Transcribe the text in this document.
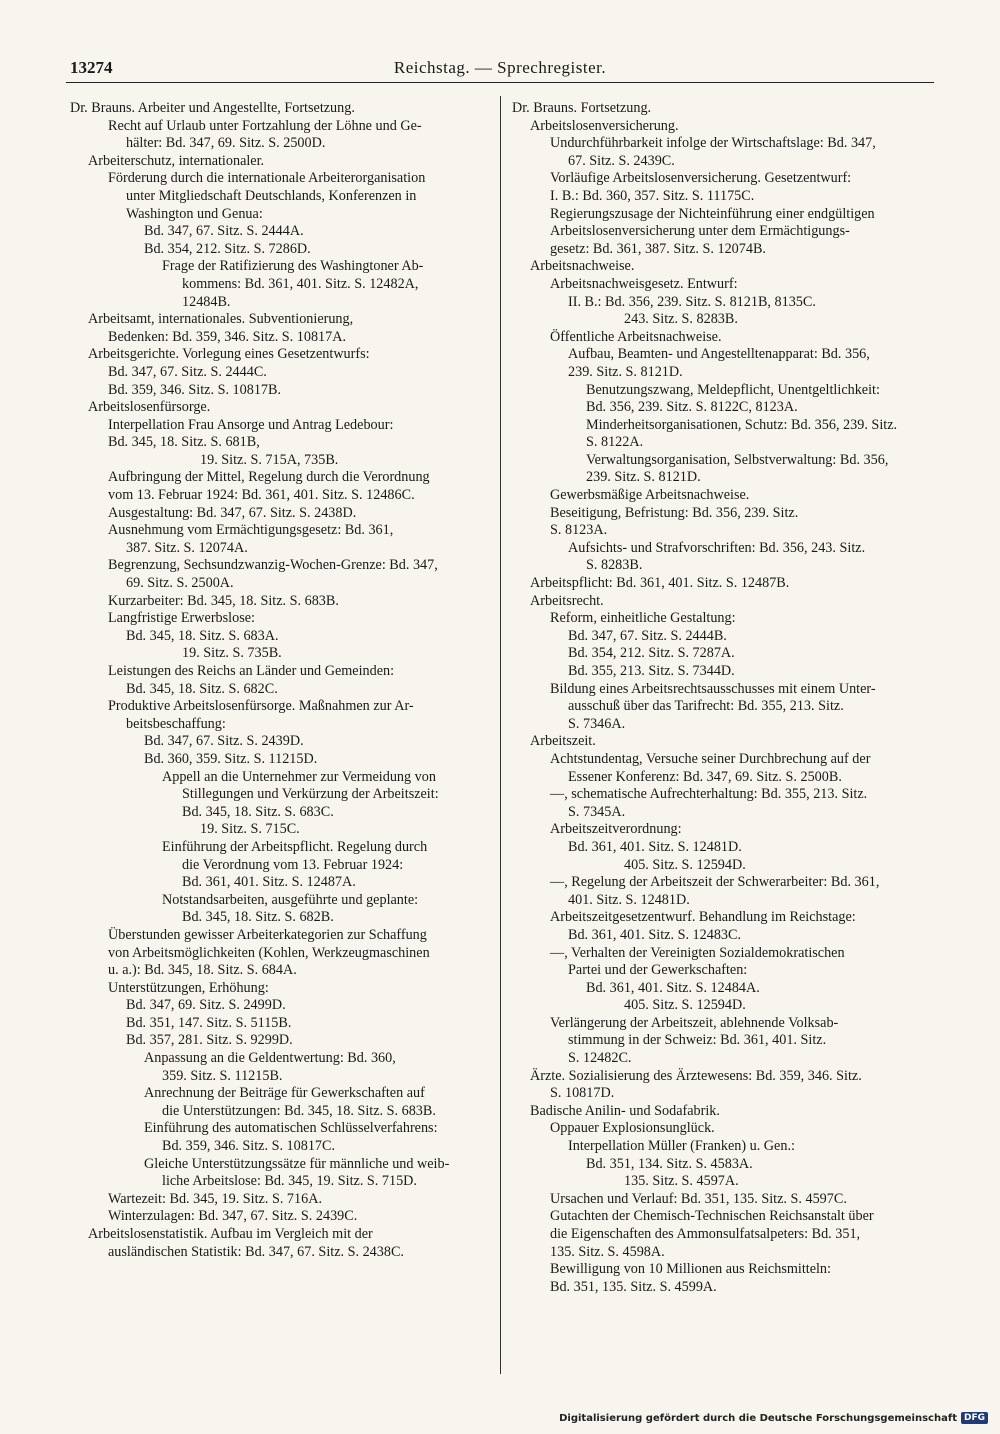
13274	Reichstag. — Sprechregister.
Dr. Brauns. Arbeiter und Angestellte, Fortsetzung.
Recht auf Urlaub unter Fortzahlung der Löhne und Ge-
hälter: Bd. 347, 69. Sitz. S. 2500D.
Arbeiterschutz, internationaler.
Förderung durch die internationale Arbeiterorganisation
unter Mitgliedschaft Deutschlands, Konferenzen in
Washington und Genua:
Bd. 347, 67. Sitz. S. 2444A.
Bd. 354, 212. Sitz. S. 7286D.
Frage der Ratifizierung des Washingtoner Ab-
kommens: Bd. 361, 401. Sitz. S. 12482A,
12484B.
Arbeitsamt, internationales. Subventionierung,
Bedenken: Bd. 359, 346. Sitz. S. 10817A.
Arbeitsgerichte. Vorlegung eines Gesetzentwurfs:
Bd. 347, 67. Sitz. S. 2444C.
Bd. 359, 346. Sitz. S. 10817B.
Arbeitslosenfürsorge.
Interpellation Frau Ansorge und Antrag Ledebour:
Bd. 345, 18. Sitz. S. 681B,
19. Sitz. S. 715A, 735B.
Aufbringung der Mittel, Regelung durch die Verordnung
vom 13. Februar 1924: Bd. 361, 401. Sitz. S. 12486C.
Ausgestaltung: Bd. 347, 67. Sitz. S. 2438D.
Ausnehmung vom Ermächtigungsgesetz: Bd. 361,
387. Sitz. S. 12074A.
Begrenzung, Sechsundzwanzig-Wochen-Grenze: Bd. 347,
69. Sitz. S. 2500A.
Kurzarbeiter: Bd. 345, 18. Sitz. S. 683B.
Langfristige Erwerbslose:
Bd. 345, 18. Sitz. S. 683A.
19. Sitz. S. 735B.
Leistungen des Reichs an Länder und Gemeinden:
Bd. 345, 18. Sitz. S. 682C.
Produktive Arbeitslosenfürsorge. Maßnahmen zur Ar-
beitsbeschaffung:
Bd. 347, 67. Sitz. S. 2439D.
Bd. 360, 359. Sitz. S. 11215D.
Appell an die Unternehmer zur Vermeidung von
Stillegungen und Verkürzung der Arbeitszeit:
Bd. 345, 18. Sitz. S. 683C.
19. Sitz. S. 715C.
Einführung der Arbeitspflicht. Regelung durch
die Verordnung vom 13. Februar 1924:
Bd. 361, 401. Sitz. S. 12487A.
Notstandsarbeiten, ausgeführte und geplante:
Bd. 345, 18. Sitz. S. 682B.
Überstunden gewisser Arbeiterkategorien zur Schaffung
von Arbeitsmöglichkeiten (Kohlen, Werkzeugmaschinen
u. a.): Bd. 345, 18. Sitz. S. 684A.
Unterstützungen, Erhöhung:
Bd. 347, 69. Sitz. S. 2499D.
Bd. 351, 147. Sitz. S. 5115B.
Bd. 357, 281. Sitz. S. 9299D.
Anpassung an die Geldentwertung: Bd. 360,
359. Sitz. S. 11215B.
Anrechnung der Beiträge für Gewerkschaften auf
die Unterstützungen: Bd. 345, 18. Sitz. S. 683B.
Einführung des automatischen Schlüsselverfahrens:
Bd. 359, 346. Sitz. S. 10817C.
Gleiche Unterstützungssätze für männliche und weib-
liche Arbeitslose: Bd. 345, 19. Sitz. S. 715D.
Wartezeit: Bd. 345, 19. Sitz. S. 716A.
Winterzulagen: Bd. 347, 67. Sitz. S. 2439C.
Arbeitslosenstatistik. Aufbau im Vergleich mit der
ausländischen Statistik: Bd. 347, 67. Sitz. S. 2438C.
Dr. Brauns. Fortsetzung.
Arbeitslosenversicherung.
Undurchführbarkeit infolge der Wirtschaftslage: Bd. 347,
67. Sitz. S. 2439C.
Vorläufige Arbeitslosenversicherung. Gesetzentwurf:
I. B.: Bd. 360, 357. Sitz. S. 11175C.
Regierungszusage der Nichteinführung einer endgültigen
Arbeitslosenversicherung unter dem Ermächtigungs-
gesetz: Bd. 361, 387. Sitz. S. 12074B.
Arbeitsnachweise.
Arbeitsnachweisgesetz. Entwurf:
II. B.: Bd. 356, 239. Sitz. S. 8121B, 8135C.
243. Sitz. S. 8283B.
Öffentliche Arbeitsnachweise.
Aufbau, Beamten- und Angestelltenapparat: Bd. 356,
239. Sitz. S. 8121D.
Benutzungszwang, Meldepflicht, Unentgeltlichkeit:
Bd. 356, 239. Sitz. S. 8122C, 8123A.
Minderheitsorganisationen, Schutz: Bd. 356, 239. Sitz.
S. 8122A.
Verwaltungsorganisation, Selbstverwaltung: Bd. 356,
239. Sitz. S. 8121D.
Gewerbsmäßige Arbeitsnachweise.
Beseitigung, Befristung: Bd. 356, 239. Sitz.
S. 8123A.
Aufsichts- und Strafvorschriften: Bd. 356, 243. Sitz.
S. 8283B.
Arbeitspflicht: Bd. 361, 401. Sitz. S. 12487B.
Arbeitsrecht.
Reform, einheitliche Gestaltung:
Bd. 347, 67. Sitz. S. 2444B.
Bd. 354, 212. Sitz. S. 7287A.
Bd. 355, 213. Sitz. S. 7344D.
Bildung eines Arbeitsrechtsausschusses mit einem Unter-
ausschuß über das Tarifrecht: Bd. 355, 213. Sitz.
S. 7346A.
Arbeitszeit.
Achtstundentag, Versuche seiner Durchbrechung auf der
Essener Konferenz: Bd. 347, 69. Sitz. S. 2500B.
—, schematische Aufrechterhaltung: Bd. 355, 213. Sitz.
S. 7345A.
Arbeitszeitverordnung:
Bd. 361, 401. Sitz. S. 12481D.
405. Sitz. S. 12594D.
—, Regelung der Arbeitszeit der Schwerarbeiter: Bd. 361,
401. Sitz. S. 12481D.
Arbeitszeitgesetzentwurf. Behandlung im Reichstage:
Bd. 361, 401. Sitz. S. 12483C.
—, Verhalten der Vereinigten Sozialdemokratischen
Partei und der Gewerkschaften:
Bd. 361, 401. Sitz. S. 12484A.
405. Sitz. S. 12594D.
Verlängerung der Arbeitszeit, ablehnende Volksab-
stimmung in der Schweiz: Bd. 361, 401. Sitz.
S. 12482C.
Ärzte. Sozialisierung des Ärztewesens: Bd. 359, 346. Sitz.
S. 10817D.
Badische Anilin- und Sodafabrik.
Oppauer Explosionsunglück.
Interpellation Müller (Franken) u. Gen.:
Bd. 351, 134. Sitz. S. 4583A.
135. Sitz. S. 4597A.
Ursachen und Verlauf: Bd. 351, 135. Sitz. S. 4597C.
Gutachten der Chemisch-Technischen Reichsanstalt über
die Eigenschaften des Ammonsulfatsalpeters: Bd. 351,
135. Sitz. S. 4598A.
Bewilligung von 10 Millionen aus Reichsmitteln:
Bd. 351, 135. Sitz. S. 4599A.
Digitalisierung gefördert durch die Deutsche Forschungsgemeinschaft DFG
